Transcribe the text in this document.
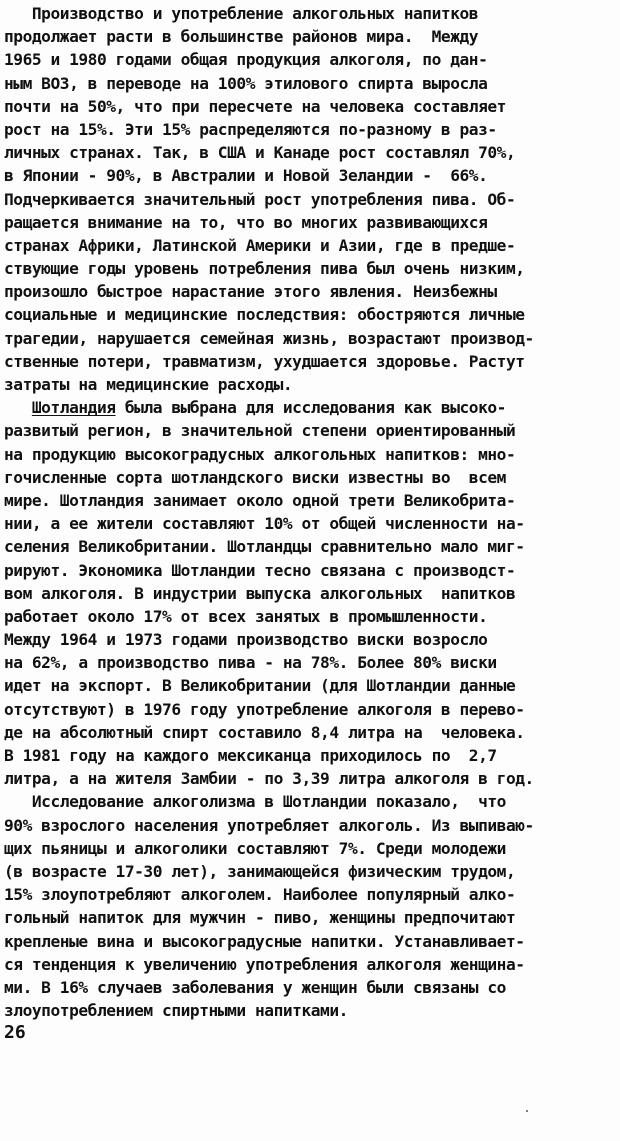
Производство и употребление алкогольных напитков
продолжает расти в большинстве районов мира.  Между
1965 и 1980 годами общая продукция алкоголя, по дан-
ным ВОЗ, в переводе на 100% этилового спирта выросла
почти на 50%, что при пересчете на человека составляет
рост на 15%. Эти 15% распределяются по-разному в раз-
личных странах. Так, в США и Канаде рост составлял 70%,
в Японии - 90%, в Австралии и Новой Зеландии -  66%.
Подчеркивается значительный рост употребления пива. Об-
ращается внимание на то, что во многих развивающихся
странах Африки, Латинской Америки и Азии, где в предше-
ствующие годы уровень потребления пива был очень низким,
произошло быстрое нарастание этого явления. Неизбежны
социальные и медицинские последствия: обостряются личные
трагедии, нарушается семейная жизнь, возрастают производ-
ственные потери, травматизм, ухудшается здоровье. Растут
затраты на медицинские расходы.
Шотландия была выбрана для исследования как высоко-
развитый регион, в значительной степени ориентированный
на продукцию высокоградусных алкогольных напитков: мно-
гочисленные сорта шотландского виски известны во  всем
мире. Шотландия занимает около одной трети Великобрита-
нии, а ее жители составляют 10% от общей численности на-
селения Великобритании. Шотландцы сравнительно мало миг-
рируют. Экономика Шотландии тесно связана с производст-
вом алкоголя. В индустрии выпуска алкогольных  напитков
работает около 17% от всех занятых в промышленности.
Между 1964 и 1973 годами производство виски возросло
на 62%, а производство пива - на 78%. Более 80% виски
идет на экспорт. В Великобритании (для Шотландии данные
отсутствуют) в 1976 году употребление алкоголя в перево-
де на абсолютный спирт составило 8,4 литра на  человека.
В 1981 году на каждого мексиканца приходилось по  2,7
литра, а на жителя Замбии - по 3,39 литра алкоголя в год.
Исследование алкоголизма в Шотландии показало,  что
90% взрослого населения употребляет алкоголь. Из выпиваю-
щих пьяницы и алкоголики составляют 7%. Среди молодежи
(в возрасте 17-30 лет), занимающейся физическим трудом,
15% злоупотребляют алкоголем. Наиболее популярный алко-
гольный напиток для мужчин - пиво, женщины предпочитают
крепленые вина и высокоградусные напитки. Устанавливает-
ся тенденция к увеличению употребления алкоголя женщина-
ми. В 16% случаев заболевания у женщин были связаны со
злоупотреблением спиртными напитками.
26
